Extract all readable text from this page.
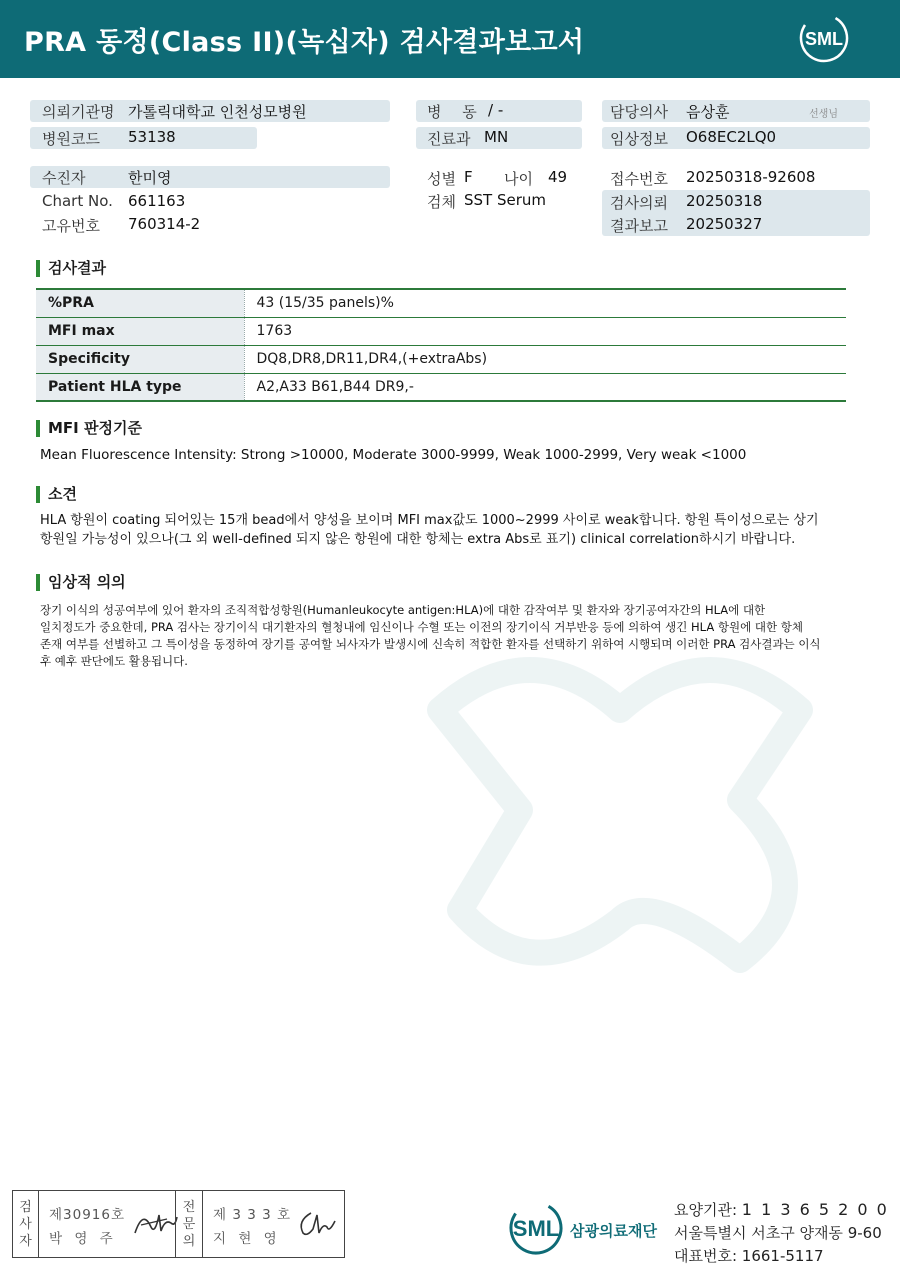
PRA 동정(Class II)(녹십자) 검사결과보고서	SML
의뢰기관명 가톨릭대학교 인천성모병원
병원코드 53138
병 동 / -
진료과 MN
담당의사 음상훈	선생님
임상정보 O68EC2LQ0
수진자	한미영
Chart No. 661163
고유번호 760314-2
성별 F 나이 49
검체 SST Serum
접수번호 20250318-92608
검사의뢰 20250318
결과보고 20250327
검사결과
%PRA	43 (15/35 panels)%
MFI max	1763
Specificity	DQ8,DR8,DR11,DR4,(+extraAbs)
Patient HLA type	A2,A33 B61,B44 DR9,-
MFI 판정기준
Mean Fluorescence Intensity: Strong >10000, Moderate 3000-9999, Weak 1000-2999, Very weak <1000
소견
HLA 항원이 coating 되어있는 15개 bead에서 양성을 보이며 MFI max값도 1000~2999 사이로 weak합니다. 항원 특이성으로는 상기
항원일 가능성이 있으나(그 외 well-defined 되지 않은 항원에 대한 항체는 extra Abs로 표기) clinical correlation하시기 바랍니다.
임상적 의의
장기 이식의 성공여부에 있어 환자의 조직적합성항원(Humanleukocyte antigen:HLA)에 대한 감작여부 및 환자와 장기공여자간의 HLA에 대한
일치정도가 중요한데, PRA 검사는 장기이식 대기환자의 혈청내에 임신이나 수혈 또는 이전의 장기이식 거부반응 등에 의하여 생긴 HLA 항원에 대한 항체
존재 여부를 선별하고 그 특이성을 동정하여 장기를 공여할 뇌사자가 발생시에 신속히 적합한 환자를 선택하기 위하여 시행되며 이러한 PRA 검사결과는 이식
후 예후 판단에도 활용됩니다.
검
사
자
제30916호
박 영 주
전
문
의
제 3 3 3 호
지 현 영	SML 삼광의료재단
요양기관: 1 1 3 6 5 2 0 0
서울특별시 서초구 양재동 9-60
대표번호: 1661-5117
